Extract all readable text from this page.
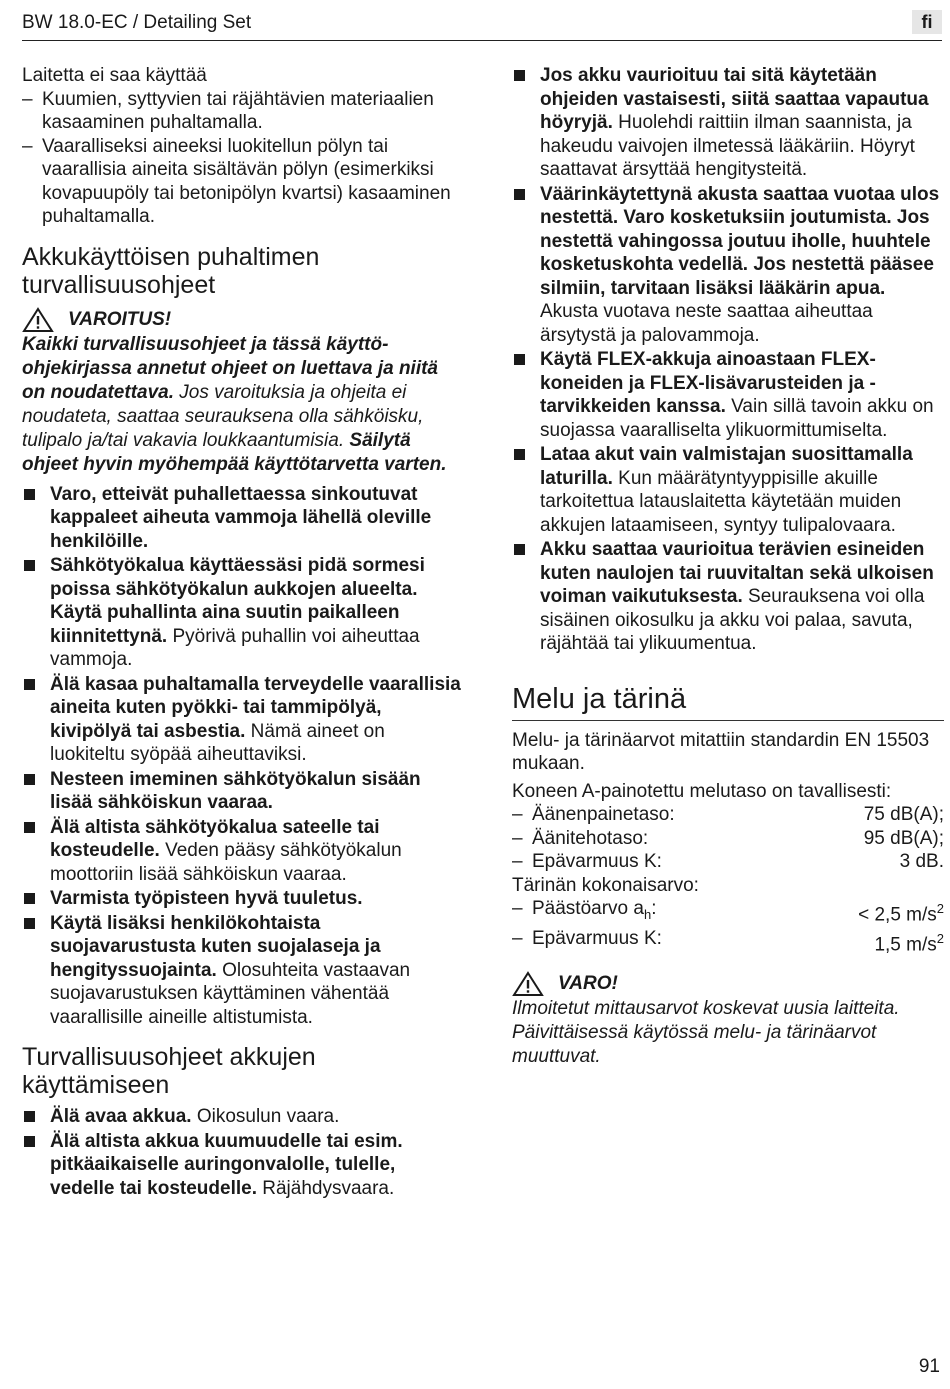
BW 18.0-EC / Detailing Set	fi

Laitetta ei saa käyttää

– Kuumien, syttyvien tai räjähtävien materiaalien kasaaminen puhaltamalla.
– Vaaralliseksi aineeksi luokitellun pölyn tai vaarallisia aineita sisältävän pölyn (esimerkiksi kovapuupöly tai betonipölyn kvartsi) kasaaminen puhaltamalla.
Akkukäyttöisen puhaltimen turvallisuusohjeet
VAROITUS!
Kaikki turvallisuusohjeet ja tässä käyttö-ohjekirjassa annetut ohjeet on luettava ja niitä on noudatettava. Jos varoituksia ja ohjeita ei noudateta, saattaa seurauksena olla sähköisku, tulipalo ja/tai vakavia loukkaantumisia. Säilytä ohjeet hyvin myöhempää käyttötarvetta varten.
Varo, etteivät puhallettaessa sinkoutuvat kappaleet aiheuta vammoja lähellä oleville henkilöille.
Sähkötyökalua käyttäessäsi pidä sormesi poissa sähkötyökalun aukkojen alueelta. Käytä puhallinta aina suutin paikalleen kiinnitettynä. Pyörivä puhallin voi aiheuttaa vammoja.
Älä kasaa puhaltamalla terveydelle vaarallisia aineita kuten pyökki- tai tammipölyä, kivipölyä tai asbestia. Nämä aineet on luokiteltu syöpää aiheuttaviksi.
Nesteen imeminen sähkötyökalun sisään lisää sähköiskun vaaraa.
Älä altista sähkötyökalua sateelle tai kosteudelle. Veden pääsy sähkötyökalun moottoriin lisää sähköiskun vaaraa.
Varmista työpisteen hyvä tuuletus.
Käytä lisäksi henkilökohtaista suojavarustusta kuten suojalaseja ja hengityssuojainta. Olosuhteita vastaavan suojavarustuksen käyttäminen vähentää vaarallisille aineille altistumista.
Turvallisuusohjeet akkujen käyttämiseen
Älä avaa akkua. Oikosulun vaara.
Älä altista akkua kuumuudelle tai esim. pitkäaikaiselle auringonvalolle, tulelle, vedelle tai kosteudelle. Räjähdysvaara.
Jos akku vaurioituu tai sitä käytetään ohjeiden vastaisesti, siitä saattaa vapautua höyryjä. Huolehdi raittiin ilman saannista, ja hakeudu vaivojen ilmetessä lääkäriin. Höyryt saattavat ärsyttää hengitysteitä.
Väärinkäytettynä akusta saattaa vuotaa ulos nestettä. Varo kosketuksiin joutumista. Jos nestettä vahingossa joutuu iholle, huuhtele kosketuskohta vedellä. Jos nestettä pääsee silmiin, tarvitaan lisäksi lääkärin apua. Akusta vuotava neste saattaa aiheuttaa ärsytystä ja palovammoja.
Käytä FLEX-akkuja ainoastaan FLEX-koneiden ja FLEX-lisävarusteiden ja -tarvikkeiden kanssa. Vain sillä tavoin akku on suojassa vaaralliselta ylikuormittumiselta.
Lataa akut vain valmistajan suosittamalla laturilla. Kun määrätyntyyppisille akuille tarkoitettua latauslaitetta käytetään muiden akkujen lataamiseen, syntyy tulipalovaara.
Akku saattaa vaurioitua terävien esineiden kuten naulojen tai ruuvitaltan sekä ulkoisen voiman vaikutuksesta. Seurauksena voi olla sisäinen oikosulku ja akku voi palaa, savuta, räjähtää tai ylikuumentua.
Melu ja tärinä

Melu- ja tärinäarvot mitattiin standardin EN 15503 mukaan.

Koneen A-painotettu melutaso on tavallisesti:

– Äänenpainetaso:	75 dB(A);
– Äänitehotaso:	95 dB(A);
– Epävarmuus K:	3 dB.

Tärinän kokonaisarvo:

– Päästöarvo $a_h$:	< 2,5 $m/s^2$
– Epävarmuus K:	1,5 $m/s^2$
VARO!
Ilmoitetut mittausarvot koskevat uusia laitteita. Päivittäisessä käytössä melu- ja tärinäarvot muuttuvat.
91
